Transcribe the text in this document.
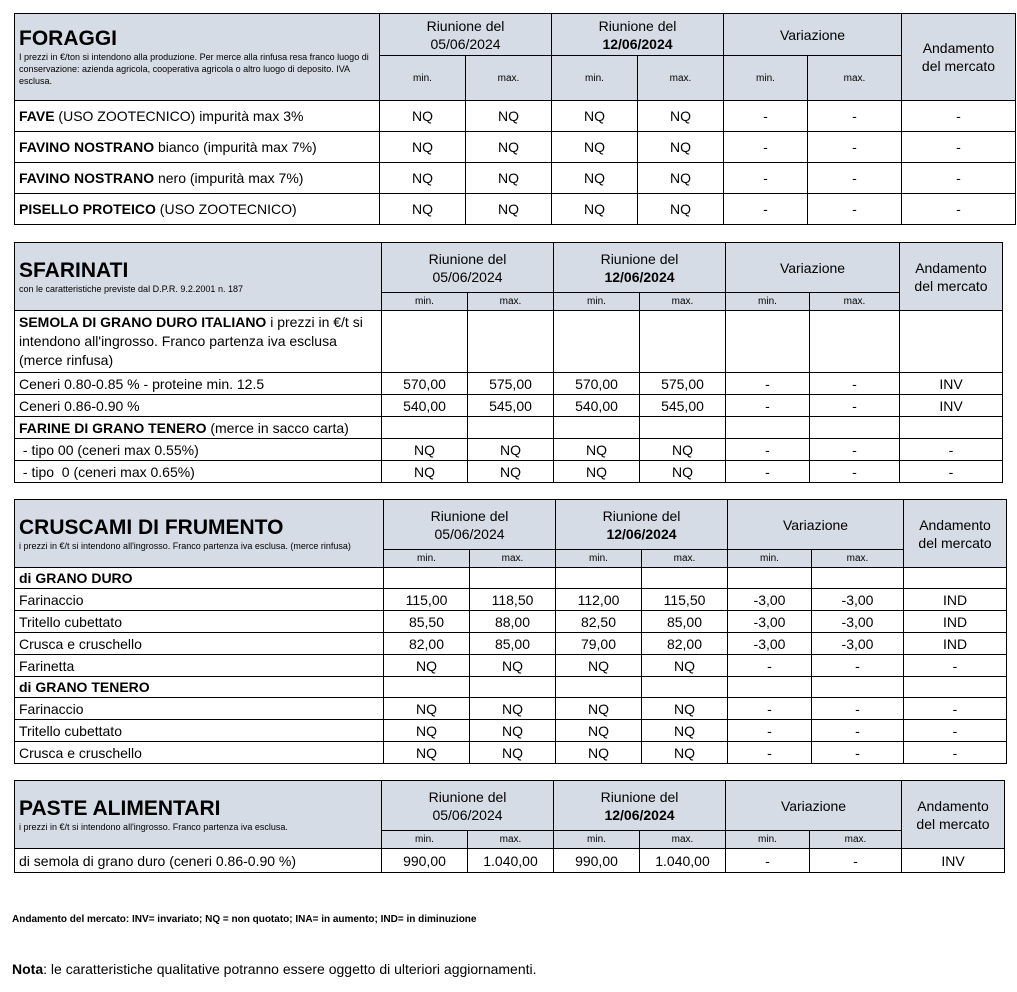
FORAGGI
I prezzi in €/ton si intendono alla produzione. Per merce alla rinfusa resa franco luogo di conservazione: azienda agricola, cooperativa agricola o altro luogo di deposito. IVA esclusa.	Riunione del
05/06/2024		Riunione del
12/06/2024		Variazione		Andamento
del mercato
	min.	max.	min.	max.	min.	max.	
FAVE (USO ZOOTECNICO) impurità max 3%	NQ	NQ	NQ	NQ	-	-	-
FAVINO NOSTRANO bianco (impurità max 7%)	NQ	NQ	NQ	NQ	-	-	-
FAVINO NOSTRANO nero (impurità max 7%)	NQ	NQ	NQ	NQ	-	-	-
PISELLO PROTEICO (USO ZOOTECNICO)	NQ	NQ	NQ	NQ	-	-	-
SFARINATI
con le caratteristiche previste dal D.P.R. 9.2.2001 n. 187	Riunione del
05/06/2024		Riunione del
12/06/2024		Variazione		Andamento
del mercato
	min.	max.	min.	max.	min.	max.	
SEMOLA DI GRANO DURO ITALIANO i prezzi in €/t si intendono all'ingrosso. Franco partenza iva esclusa (merce rinfusa)							
Ceneri 0.80-0.85 % - proteine min. 12.5	570,00	575,00	570,00	575,00	-	-	INV
Ceneri 0.86-0.90 %	540,00	545,00	540,00	545,00	-	-	INV
FARINE DI GRANO TENERO (merce in sacco carta)							
- tipo 00 (ceneri max 0.55%)	NQ	NQ	NQ	NQ	-	-	-
- tipo  0 (ceneri max 0.65%)	NQ	NQ	NQ	NQ	-	-	-
CRUSCAMI DI FRUMENTO
i prezzi in €/t si intendono all'ingrosso. Franco partenza iva esclusa. (merce rinfusa)	Riunione del
05/06/2024		Riunione del
12/06/2024		Variazione		Andamento
del mercato
	min.	max.	min.	max.	min.	max.	
di GRANO DURO							
Farinaccio	115,00	118,50	112,00	115,50	-3,00	-3,00	IND
Tritello cubettato	85,50	88,00	82,50	85,00	-3,00	-3,00	IND
Crusca e cruschello	82,00	85,00	79,00	82,00	-3,00	-3,00	IND
Farinetta	NQ	NQ	NQ	NQ	-	-	-
di GRANO TENERO							
Farinaccio	NQ	NQ	NQ	NQ	-	-	-
Tritello cubettato	NQ	NQ	NQ	NQ	-	-	-
Crusca e cruschello	NQ	NQ	NQ	NQ	-	-	-
PASTE ALIMENTARI
i prezzi in €/t si intendono all'ingrosso. Franco partenza iva esclusa.	Riunione del
05/06/2024		Riunione del
12/06/2024		Variazione		Andamento
del mercato
	min.	max.	min.	max.	min.	max.	
di semola di grano duro (ceneri 0.86-0.90 %)	990,00	1.040,00	990,00	1.040,00	-	-	INV
Andamento del mercato: INV= invariato; NQ = non quotato; INA= in aumento; IND= in diminuzione
Nota: le caratteristiche qualitative potranno essere oggetto di ulteriori aggiornamenti.
